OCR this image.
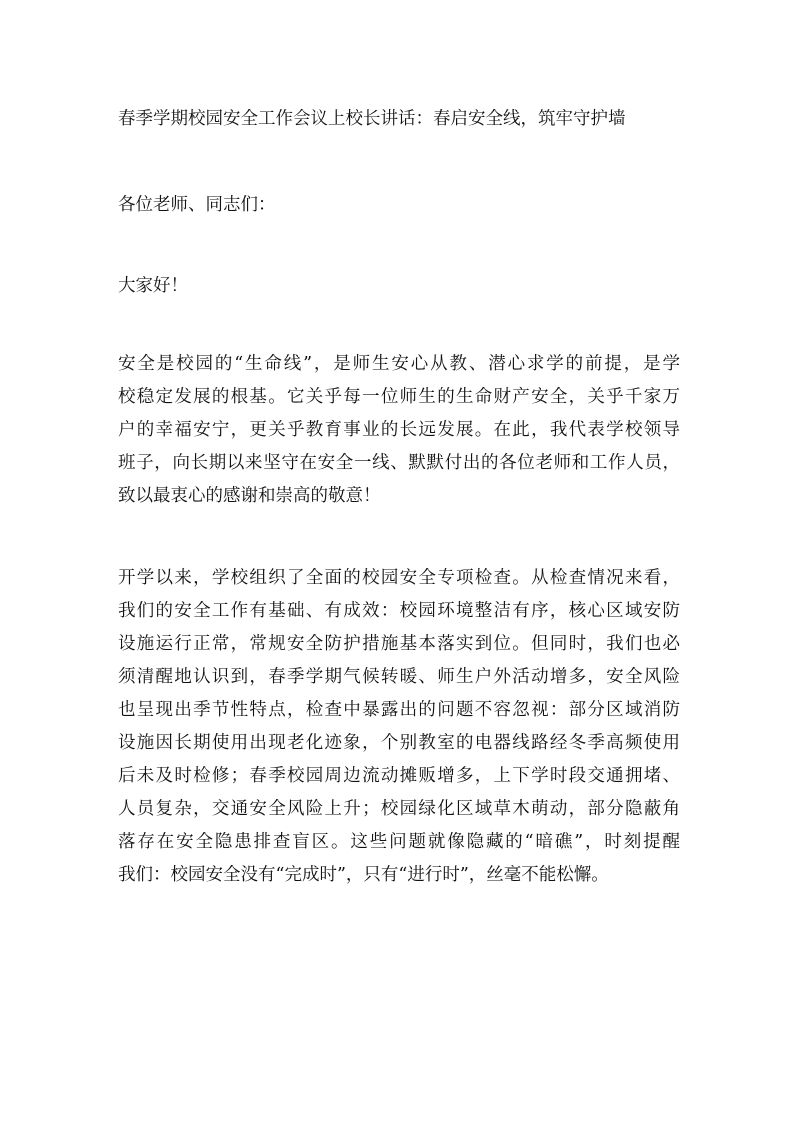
春季学期校园安全工作会议上校长讲话：春启安全线，筑牢守护墙

各位老师、同志们：

大家好！

安全是校园的“生命线”，是师生安心从教、潜心求学的前提，是学

校稳定发展的根基。它关乎每一位师生的生命财产安全，关乎千家万

户的幸福安宁，更关乎教育事业的长远发展。在此，我代表学校领导

班子，向长期以来坚守在安全一线、默默付出的各位老师和工作人员，

致以最衷心的感谢和崇高的敬意！

开学以来，学校组织了全面的校园安全专项检查。从检查情况来看，

我们的安全工作有基础、有成效：校园环境整洁有序，核心区域安防

设施运行正常，常规安全防护措施基本落实到位。但同时，我们也必

须清醒地认识到，春季学期气候转暖、师生户外活动增多，安全风险

也呈现出季节性特点，检查中暴露出的问题不容忽视：部分区域消防

设施因长期使用出现老化迹象，个别教室的电器线路经冬季高频使用

后未及时检修；春季校园周边流动摊贩增多，上下学时段交通拥堵、

人员复杂，交通安全风险上升；校园绿化区域草木萌动，部分隐蔽角

落存在安全隐患排查盲区。这些问题就像隐藏的“暗礁”，时刻提醒

我们：校园安全没有“完成时”，只有“进行时”，丝毫不能松懈。
